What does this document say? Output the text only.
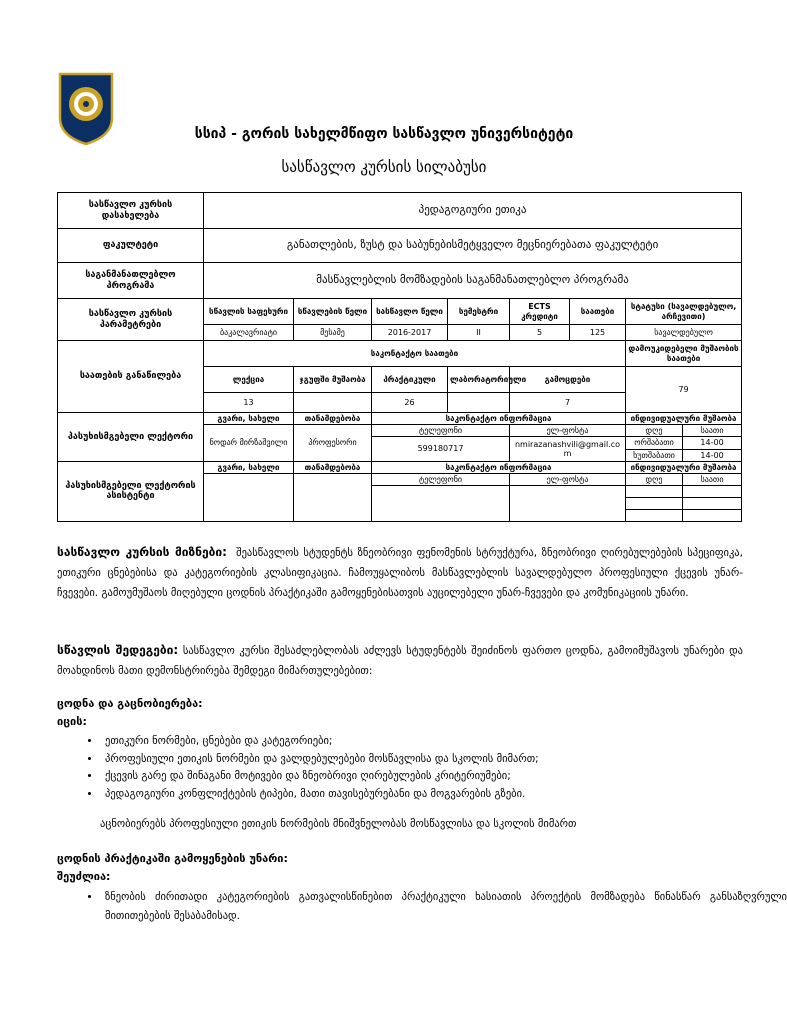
სსიპ - გორის სახელმწიფო სასწავლო უნივერსიტეტი
სასწავლო კურსის სილაბუსი
სასწავლო კურსის დასახელება	პედაგოგიური ეთიკა							
ფაკულტეტი	განათლების, ზუსტ და საბუნებისმეტყველო მეცნიერებათა ფაკულტეტი							
საგანმანათლებლო პროგრამა	მასწავლებლის მომზადების საგანმანათლებლო პროგრამა							
სასწავლო კურსის პარამეტრები	სწავლის საფეხური	სწავლების წელი	სასწავლო წელი	სემესტრი	ECTS კრედიტი	საათები	სტატუსი (სავალდებულო, არჩევითი)	
	ბაკალავრიატი	მესამე	2016-2017	II	5	125	სავალდებულო	
საათების განაწილება	საკონტაქტო საათები						დამოუკიდებელი მუშაობის საათები	
	ლექცია	ჯგუფში მუშაობა	პრაქტიკული	ლაბორატორიული	გამოცდები		79	
	13		26		7			
პასუხისმგებელი ლექტორი	გვარი, სახელი	თანამდებობა	საკონტაქტო ინფორმაცია				ინდივიდუალური მუშაობა	
	ნოდარ მირზაშვილი	პროფესორი	ტელეფონი		ელ-ფოსტა		დღე	საათი
			599180717		nmirazanashvili@gmail.com		ორშაბათი	14-00
							ხუთშაბათი	14-00
პასუხისმგებელი ლექტორის ასისტენტი	გვარი, სახელი	თანამდებობა	საკონტაქტო ინფორმაცია				ინდივიდუალური მუშაობა	
			ტელეფონი		ელ-ფოსტა		დღე	საათი

სასწავლო კურსის მიზნები: შეასწავლოს სტუდენტს ზნეობრივი ფენომენის სტრუქტურა, ზნეობრივი ღირებულებების სპეციფიკა, ეთიკური ცნებებისა და კატეგორიების კლასიფიკაცია. ჩამოუყალიბოს მასწავლებლის სავალდებულო პროფესიული ქცევის უნარ- ჩვევები. გამოუმუშაოს მიღებული ცოდნის პრაქტიკაში გამოყენებისათვის აუცილებელი უნარ-ჩვევები და კომუნიკაციის უნარი.
სწავლის შედეგები: სასწავლო კურსი შესაძლებლობას აძლევს სტუდენტებს შეიძინოს ფართო ცოდნა, გამოიმუშავოს უნარები და მოახდინოს მათი დემონსტრირება შემდეგი მიმართულებებით:
ცოდნა და გაცნობიერება:
იცის:
• ეთიკური ნორმები, ცნებები და კატეგორიები;
• პროფესიული ეთიკის ნორმები და ვალდებულებები მოსწავლისა და სკოლის მიმართ;
• ქცევის გარე და შინაგანი მოტივები და ზნეობრივი ღირებულების კრიტერიუმები;
• პედაგოგიური კონფლიქტების ტიპები, მათი თავისებურებანი და მოგვარების გზები.
აცნობიერებს პროფესიული ეთიკის ნორმების მნიშვნელობას მოსწავლისა და სკოლის მიმართ
ცოდნის პრაქტიკაში გამოყენების უნარი:
შეუძლია:
• ზნეობის ძირითადი კატეგორიების გათვალისწინებით პრაქტიკული ხასიათის პროექტის მომზადება წინასწარ განსაზღვრული მითითებების შესაბამისად.
